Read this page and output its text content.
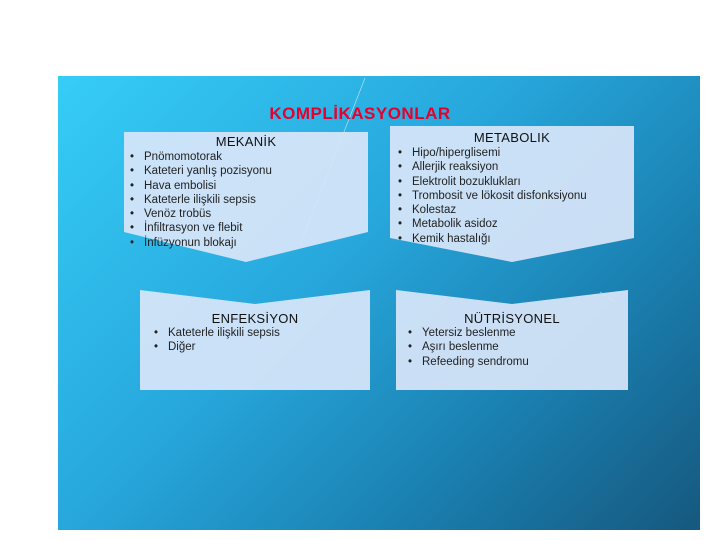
KOMPLİKASYONLAR
MEKANİK
• Pnömomotorak
• Kateteri yanlış pozisyonu
• Hava embolisi
• Kateterle ilişkili sepsis
• Venöz trobüs
• İnfiltrasyon ve flebit
• İnfüzyonun blokajı
METABOLIK
• Hipo/hiperglisemi
• Allerjik reaksiyon
• Elektrolit bozuklukları
• Trombosit ve lökosit disfonksiyonu
• Kolestaz
• Metabolik asidoz
• Kemik hastalığı
ENFEKSİYON
• Kateterle ilişkili sepsis
• Diğer
NÜTRİSYONEL
• Yetersiz beslenme
• Aşırı beslenme
• Refeeding sendromu
